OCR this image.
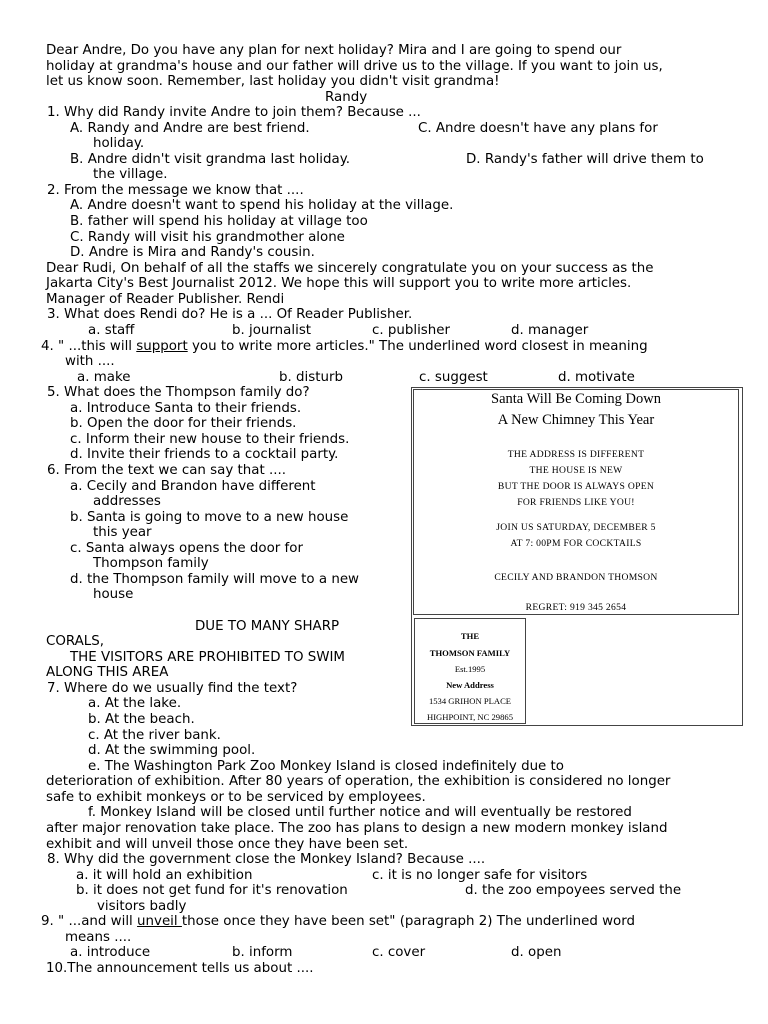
Dear Andre, Do you have any plan for next holiday? Mira and I are going to spend our
holiday at grandma's house and our father will drive us to the village. If you want to join us,
let us know soon. Remember, last holiday you didn't visit grandma!
Randy
1. Why did Randy invite Andre to join them? Because ...
A. Randy and Andre are best friend.	C. Andre doesn't have any plans for
holiday.
B. Andre didn't visit grandma last holiday.	D. Randy's father will drive them to
the village.
2. From the message we know that ....
A. Andre doesn't want to spend his holiday at the village.
B. father will spend his holiday at village too
C. Randy will visit his grandmother alone
D. Andre is Mira and Randy's cousin.
Dear Rudi, On behalf of all the staffs we sincerely congratulate you on your success as the
Jakarta City's Best Journalist 2012. We hope this will support you to write more articles.
Manager of Reader Publisher. Rendi
3. What does Rendi do? He is a ... Of Reader Publisher.
a. staff	b. journalist	c. publisher	d. manager
4. " ...this will support you to write more articles." The underlined word closest in meaning
with ....
a. make	b. disturb	c. suggest	d. motivate
5. What does the Thompson family do?
a. Introduce Santa to their friends.
b. Open the door for their friends.
c. Inform their new house to their friends.
d. Invite their friends to a cocktail party.
6. From the text we can say that ....
a. Cecily and Brandon have different
addresses
b. Santa is going to move to a new house
this year
c. Santa always opens the door for
Thompson family
d. the Thompson family will move to a new
house
DUE TO MANY SHARP
CORALS,
THE VISITORS ARE PROHIBITED TO SWIM
ALONG THIS AREA
7. Where do we usually find the text?
a. At the lake.
b. At the beach.
c. At the river bank.
d. At the swimming pool.
e. The Washington Park Zoo Monkey Island is closed indefinitely due to
deterioration of exhibition. After 80 years of operation, the exhibition is considered no longer
safe to exhibit monkeys or to be serviced by employees.
f. Monkey Island will be closed until further notice and will eventually be restored
after major renovation take place. The zoo has plans to design a new modern monkey island
exhibit and will unveil those once they have been set.
8. Why did the government close the Monkey Island? Because ....
a. it will hold an exhibition	c. it is no longer safe for visitors
b. it does not get fund for it's renovation	d. the zoo empoyees served the
visitors badly
9. " ...and will unveil those once they have been set" (paragraph 2) The underlined word
means ....
a. introduce	b. inform	c. cover	d. open
10.The announcement tells us about ....
Santa Will Be Coming Down
A New Chimney This Year
THE ADDRESS IS DIFFERENT
THE HOUSE IS NEW
BUT THE DOOR IS ALWAYS OPEN
FOR FRIENDS LIKE YOU!
JOIN US SATURDAY, DECEMBER 5
AT 7: 00PM FOR COCKTAILS
CECILY AND BRANDON THOMSON
REGRET: 919 345 2654
THE
THOMSON FAMILY
Est.1995
New Address
1534 GRIHON PLACE
HIGHPOINT, NC 29865
